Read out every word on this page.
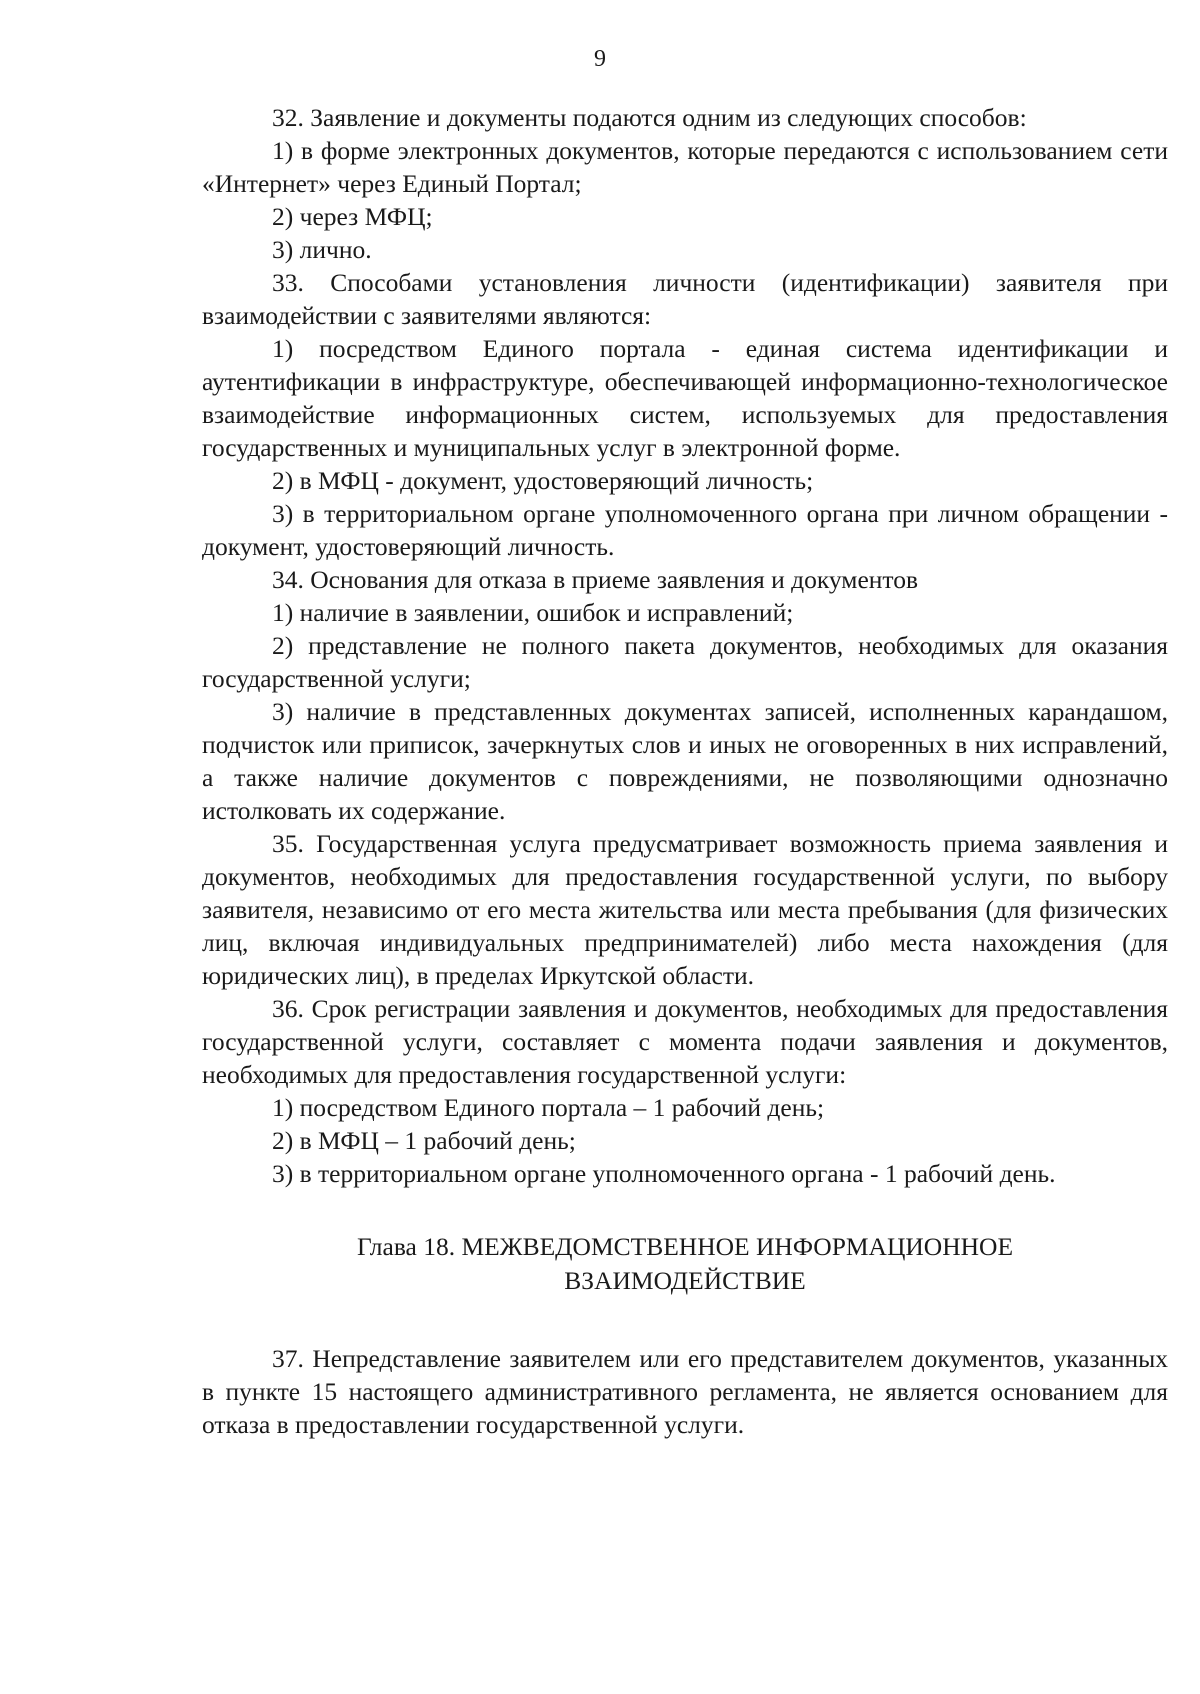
9

32. Заявление и документы подаются одним из следующих способов:

1) в форме электронных документов, которые передаются с использованием сети «Интернет» через Единый Портал;

2) через МФЦ;

3) лично.

33. Способами установления личности (идентификации) заявителя при взаимодействии с заявителями являются:

1) посредством Единого портала - единая система идентификации и аутентификации в инфраструктуре, обеспечивающей информационно-технологическое взаимодействие информационных систем, используемых для предоставления государственных и муниципальных услуг в электронной форме.

2) в МФЦ - документ, удостоверяющий личность;

3) в территориальном органе уполномоченного органа при личном обращении - документ, удостоверяющий личность.

34. Основания для отказа в приеме заявления и документов

1) наличие в заявлении, ошибок и исправлений;

2) представление не полного пакета документов, необходимых для оказания государственной услуги;

3) наличие в представленных документах записей, исполненных карандашом, подчисток или приписок, зачеркнутых слов и иных не оговоренных в них исправлений, а также наличие документов с повреждениями, не позволяющими однозначно истолковать их содержание.

35. Государственная услуга предусматривает возможность приема заявления и документов, необходимых для предоставления государственной услуги, по выбору заявителя, независимо от его места жительства или места пребывания (для физических лиц, включая индивидуальных предпринимателей) либо места нахождения (для юридических лиц), в пределах Иркутской области.

36. Срок регистрации заявления и документов, необходимых для предоставления государственной услуги, составляет с момента подачи заявления и документов, необходимых для предоставления государственной услуги:

1) посредством Единого портала – 1 рабочий день;

2) в МФЦ – 1 рабочий день;

3) в территориальном органе уполномоченного органа - 1 рабочий день.

Глава 18. МЕЖВЕДОМСТВЕННОЕ ИНФОРМАЦИОННОЕ
ВЗАИМОДЕЙСТВИЕ

37. Непредставление заявителем или его представителем документов, указанных в пункте 15 настоящего административного регламента, не является основанием для отказа в предоставлении государственной услуги.
